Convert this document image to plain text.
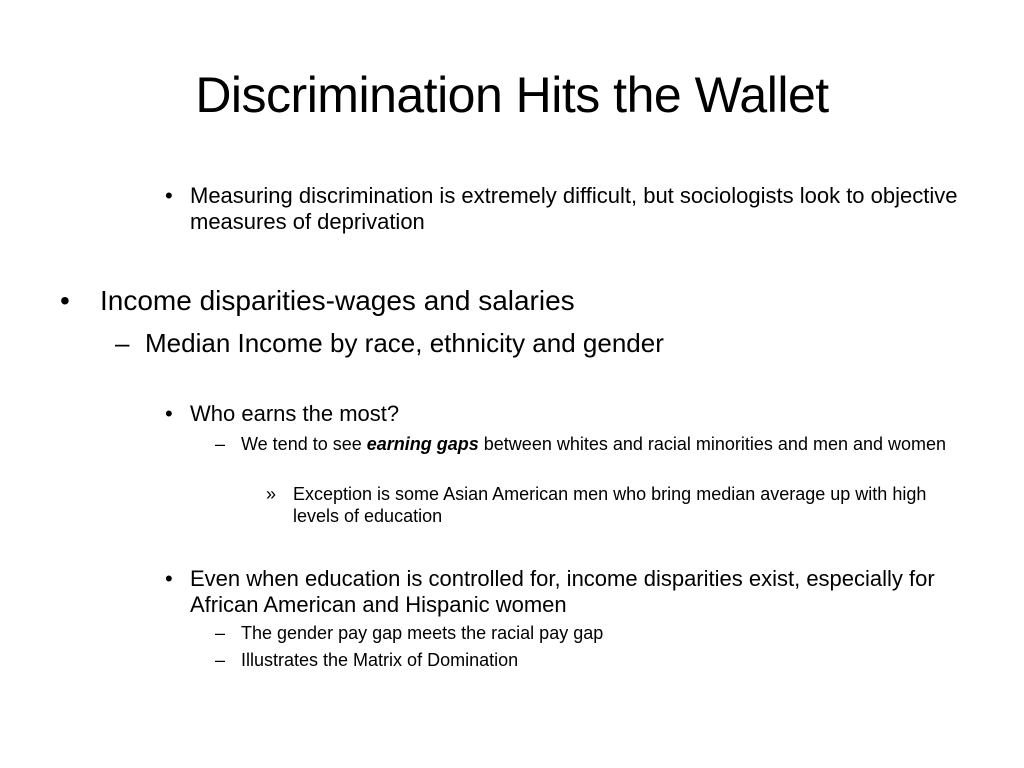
Discrimination Hits the Wallet
• Measuring discrimination is extremely difficult, but sociologists look to objective measures of deprivation
• Income disparities-wages and salaries
– Median Income by race, ethnicity and gender
• Who earns the most?
– We tend to see earning gaps between whites and racial minorities and men and women
» Exception is some Asian American men who bring median average up with high levels of education
• Even when education is controlled for, income disparities exist, especially for African American and Hispanic women
– The gender pay gap meets the racial pay gap
– Illustrates the Matrix of Domination
